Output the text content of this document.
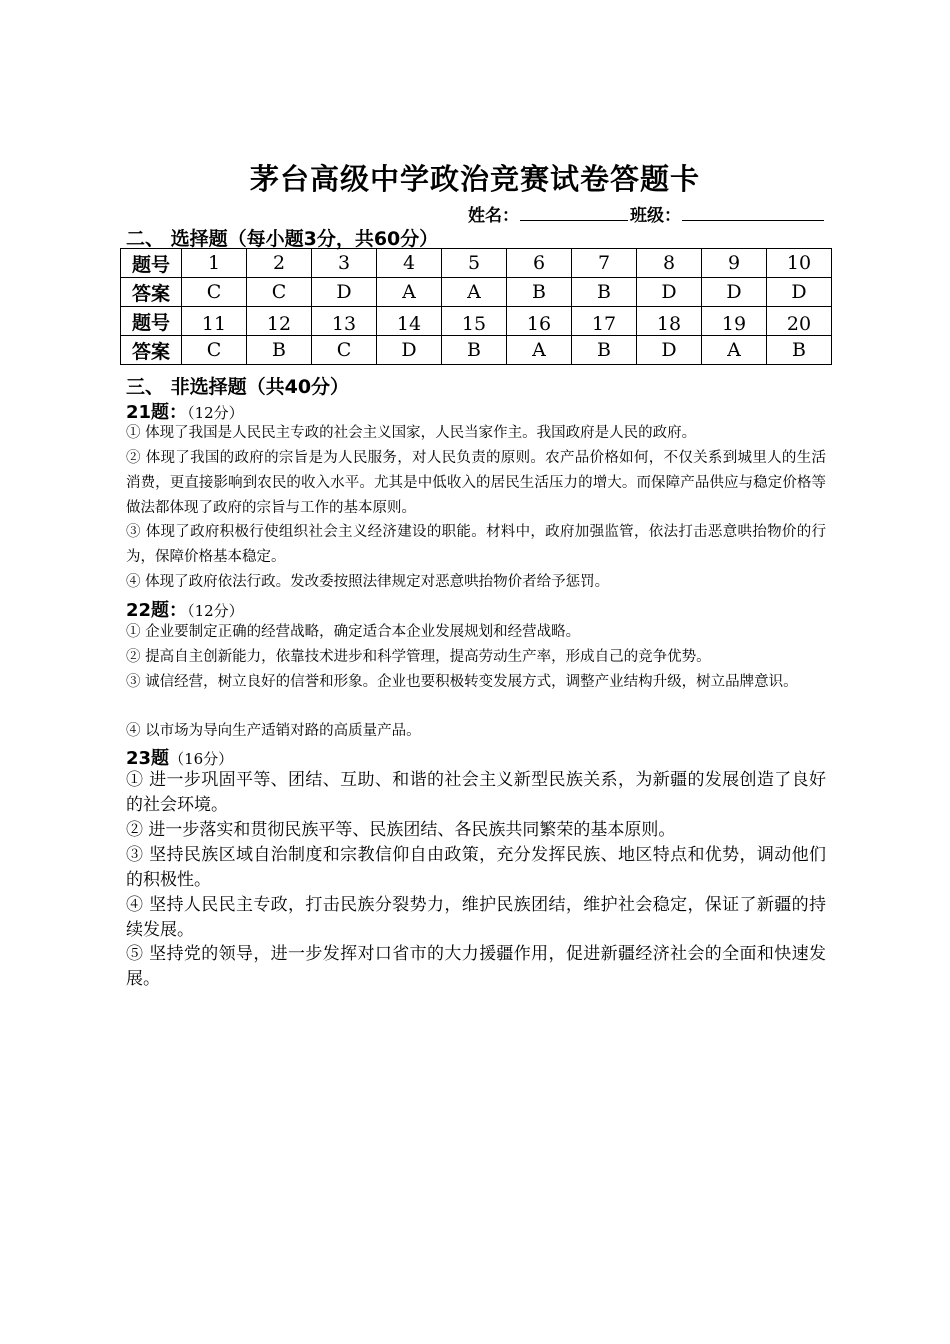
茅台高级中学政治竞赛试卷答题卡
姓名：	班级：
二、 选择题（每小题3分，共60分）
题号	1	2	3	4	5	6	7	8	9	10
答案	C	C	D	A	A	B	B	D	D	D
题号	11	12	13	14	15	16	17	18	19	20
答案	C	B	C	D	B	A	B	D	A	B
三、 非选择题（共40分）
21题：（12分）
① 体现了我国是人民民主专政的社会主义国家，人民当家作主。我国政府是人民的政府。
② 体现了我国的政府的宗旨是为人民服务，对人民负责的原则。农产品价格如何，不仅关系到城里人的生活消费，更直接影响到农民的收入水平。尤其是中低收入的居民生活压力的增大。而保障产品供应与稳定价格等做法都体现了政府的宗旨与工作的基本原则。
③ 体现了政府积极行使组织社会主义经济建设的职能。材料中，政府加强监管，依法打击恶意哄抬物价的行为，保障价格基本稳定。
④ 体现了政府依法行政。发改委按照法律规定对恶意哄抬物价者给予惩罚。
22题：（12分）
① 企业要制定正确的经营战略，确定适合本企业发展规划和经营战略。
② 提高自主创新能力，依靠技术进步和科学管理，提高劳动生产率，形成自己的竞争优势。
③ 诚信经营，树立良好的信誉和形象。企业也要积极转变发展方式，调整产业结构升级，树立品牌意识。
④ 以市场为导向生产适销对路的高质量产品。
23题（16分）
① 进一步巩固平等、团结、互助、和谐的社会主义新型民族关系，为新疆的发展创造了良好的社会环境。
② 进一步落实和贯彻民族平等、民族团结、各民族共同繁荣的基本原则。
③ 坚持民族区域自治制度和宗教信仰自由政策，充分发挥民族、地区特点和优势，调动他们的积极性。
④ 坚持人民民主专政，打击民族分裂势力，维护民族团结，维护社会稳定，保证了新疆的持续发展。
⑤ 坚持党的领导，进一步发挥对口省市的大力援疆作用，促进新疆经济社会的全面和快速发展。
